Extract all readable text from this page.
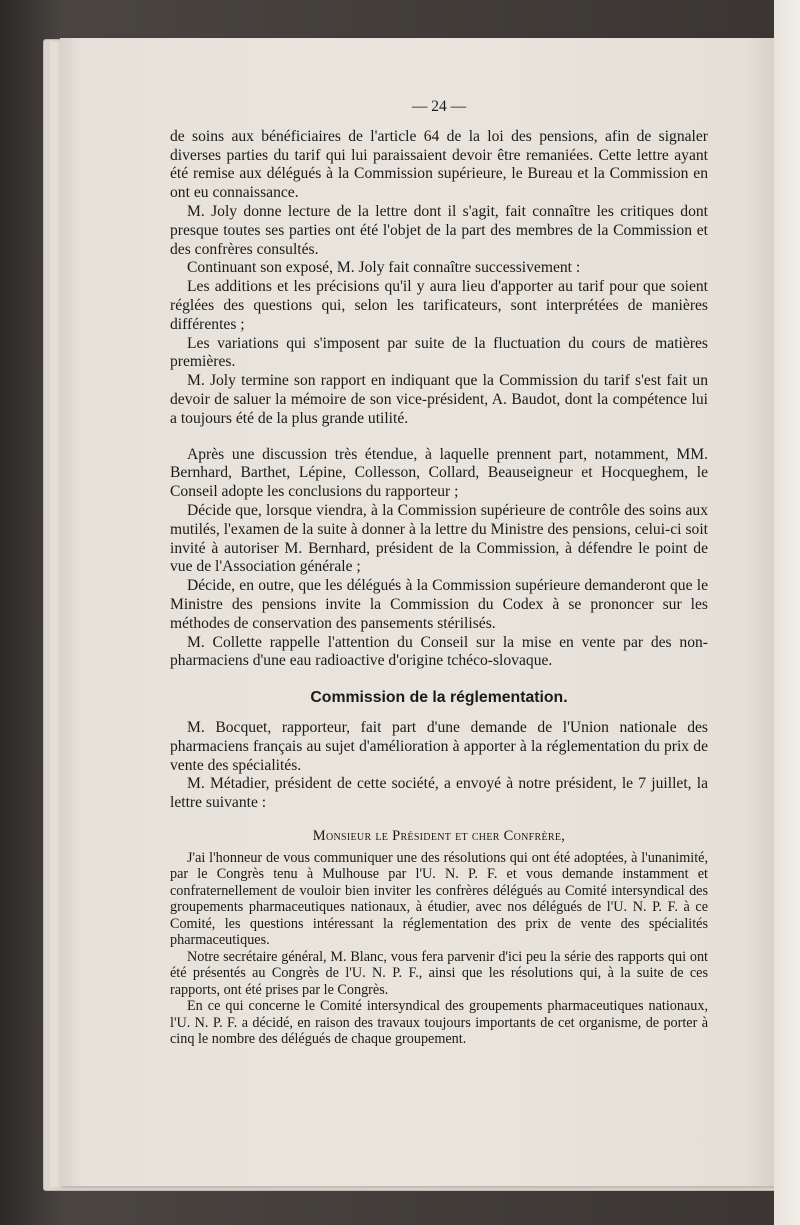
— 24 —

de soins aux bénéficiaires de l'article 64 de la loi des pensions, afin de signaler diverses parties du tarif qui lui paraissaient devoir être remaniées. Cette lettre ayant été remise aux délégués à la Commission supérieure, le Bureau et la Commission en ont eu connaissance.

M. Joly donne lecture de la lettre dont il s'agit, fait connaître les critiques dont presque toutes ses parties ont été l'objet de la part des membres de la Commission et des confrères consultés.

Continuant son exposé, M. Joly fait connaître successivement :

Les additions et les précisions qu'il y aura lieu d'apporter au tarif pour que soient réglées des questions qui, selon les tarificateurs, sont interprétées de manières différentes ;

Les variations qui s'imposent par suite de la fluctuation du cours de matières premières.

M. Joly termine son rapport en indiquant que la Commission du tarif s'est fait un devoir de saluer la mémoire de son vice-président, A. Baudot, dont la compétence lui a toujours été de la plus grande utilité.

Après une discussion très étendue, à laquelle prennent part, notamment, MM. Bernhard, Barthet, Lépine, Collesson, Collard, Beauseigneur et Hocqueghem, le Conseil adopte les conclusions du rapporteur ;

Décide que, lorsque viendra, à la Commission supérieure de contrôle des soins aux mutilés, l'examen de la suite à donner à la lettre du Ministre des pensions, celui-ci soit invité à autoriser M. Bernhard, président de la Commission, à défendre le point de vue de l'Association générale ;

Décide, en outre, que les délégués à la Commission supérieure demanderont que le Ministre des pensions invite la Commission du Codex à se prononcer sur les méthodes de conservation des pansements stérilisés.

M. Collette rappelle l'attention du Conseil sur la mise en vente par des non-pharmaciens d'une eau radioactive d'origine tchéco-slovaque.

Commission de la réglementation.

M. Bocquet, rapporteur, fait part d'une demande de l'Union nationale des pharmaciens français au sujet d'amélioration à apporter à la réglementation du prix de vente des spécialités.

M. Métadier, président de cette société, a envoyé à notre président, le 7 juillet, la lettre suivante :

Monsieur le Président et cher Confrère,

J'ai l'honneur de vous communiquer une des résolutions qui ont été adoptées, à l'unanimité, par le Congrès tenu à Mulhouse par l'U. N. P. F. et vous demande instamment et confraternellement de vouloir bien inviter les confrères délégués au Comité intersyndical des groupements pharmaceutiques nationaux, à étudier, avec nos délégués de l'U. N. P. F. à ce Comité, les questions intéressant la réglementation des prix de vente des spécialités pharmaceutiques.

Notre secrétaire général, M. Blanc, vous fera parvenir d'ici peu la série des rapports qui ont été présentés au Congrès de l'U. N. P. F., ainsi que les résolutions qui, à la suite de ces rapports, ont été prises par le Congrès.

En ce qui concerne le Comité intersyndical des groupements pharmaceutiques nationaux, l'U. N. P. F. a décidé, en raison des travaux toujours importants de cet organisme, de porter à cinq le nombre des délégués de chaque groupement.
